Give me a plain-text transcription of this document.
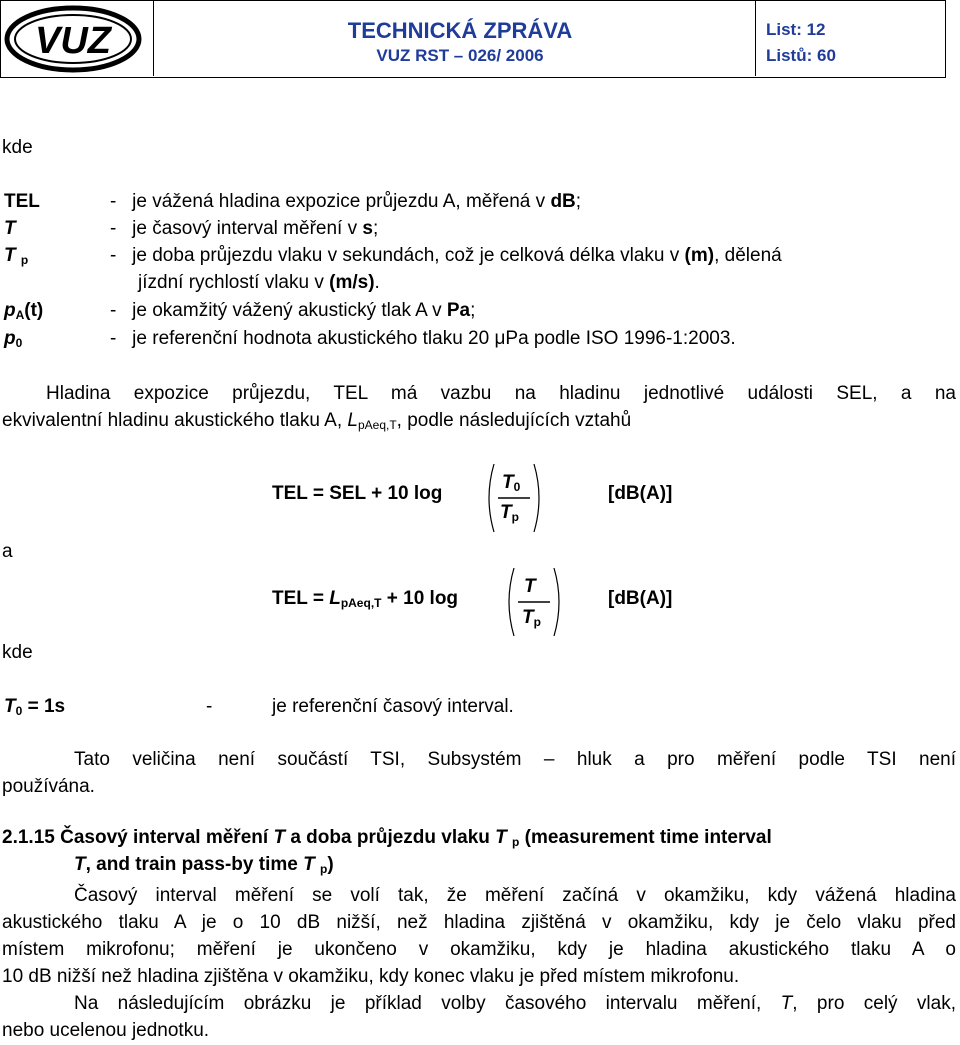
VUZ	TECHNICKÁ ZPRÁVA
VUZ RST – 026/ 2006
List: 12
Listů: 60
kde
TEL	- je vážená hladina expozice průjezdu A, měřená v dB;
T	- je časový interval měření v s;
T $_p$	- je doba průjezdu vlaku v sekundách, což je celková délka vlaku v (m), dělená
jízdní rychlostí vlaku v (m/s).
$p_A(t)$	- je okamžitý vážený akustický tlak A v Pa;
$p_0$	- je referenční hodnota akustického tlaku 20 μPa podle ISO 1996-1:2003.
Hladina expozice průjezdu, TEL má vazbu na hladinu jednotlivé události SEL, a na
ekvivalentní hladinu akustického tlaku A, $L_{pAeq,T}$, podle následujících vztahů
TEL = SEL + 10 log
$T_0$
$T_p$
[dB(A)]
a
TEL = $L_{pAeq,T} + 10$ log
T
$T_p$
[dB(A)]
kde
$T_0 = 1s$	-	je referenční časový interval.
Tato veličina není součástí TSI, Subsystém – hluk a pro měření podle TSI není
používána.
2.1.15 Časový interval měření T a doba průjezdu vlaku T $_p$ (measurement time interval
T, and train pass-by time T $_p$)
Časový interval měření se volí tak, že měření začíná v okamžiku, kdy vážená hladina
akustického tlaku A je o 10 dB nižší, než hladina zjištěná v okamžiku, kdy je čelo vlaku před
místem mikrofonu; měření je ukončeno v okamžiku, kdy je hladina akustického tlaku A o
10 dB nižší než hladina zjištěna v okamžiku, kdy konec vlaku je před místem mikrofonu.
Na následujícím obrázku je příklad volby časového intervalu měření, T, pro celý vlak,
nebo ucelenou jednotku.
